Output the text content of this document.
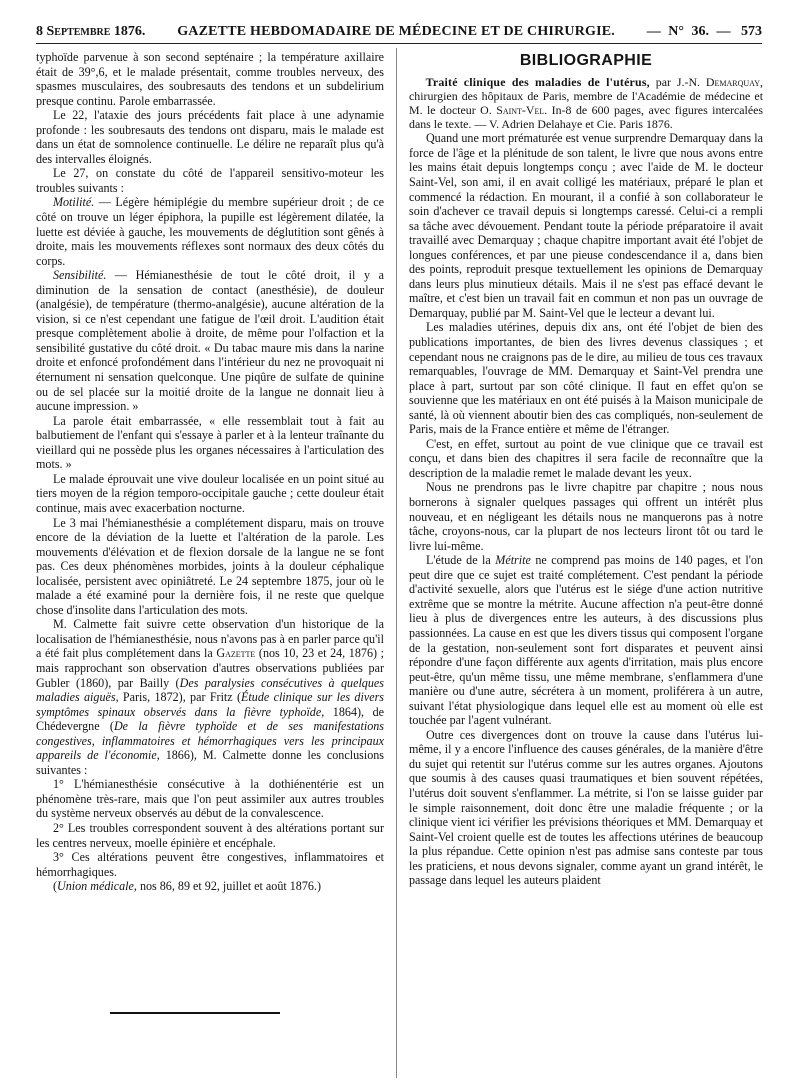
8 Septembre 1876. GAZETTE HEBDOMADAIRE DE MÉDECINE ET DE CHIRURGIE. — N° 36. — 573

typhoïde parvenue à son second septénaire ; la température axillaire était de 39°,6, et le malade présentait, comme troubles nerveux, des spasmes musculaires, des soubresauts des tendons et un subdelirium presque continu. Parole embarrassée.

Le 22, l'ataxie des jours précédents fait place à une adynamie profonde : les soubresauts des tendons ont disparu, mais le malade est dans un état de somnolence continuelle. Le délire ne reparaît plus qu'à des intervalles éloignés.

Le 27, on constate du côté de l'appareil sensitivo-moteur les troubles suivants :

Motilité. — Légère hémiplégie du membre supérieur droit ; de ce côté on trouve un léger épiphora, la pupille est légèrement dilatée, la luette est déviée à gauche, les mouvements de déglutition sont gênés à droite, mais les mouvements réflexes sont normaux des deux côtés du corps.

Sensibilité. — Hémianesthésie de tout le côté droit, il y a diminution de la sensation de contact (anesthésie), de douleur (analgésie), de température (thermo-analgésie), aucune altération de la vision, si ce n'est cependant une fatigue de l'œil droit. L'audition était presque complètement abolie à droite, de même pour l'olfaction et la sensibilité gustative du côté droit. « Du tabac maure mis dans la narine droite et enfoncé profondément dans l'intérieur du nez ne provoquait ni éternument ni sensation quelconque. Une piqûre de sulfate de quinine ou de sel placée sur la moitié droite de la langue ne donnait lieu à aucune impression. »

La parole était embarrassée, « elle ressemblait tout à fait au balbutiement de l'enfant qui s'essaye à parler et à la lenteur traînante du vieillard qui ne possède plus les organes nécessaires à l'articulation des mots. »

Le malade éprouvait une vive douleur localisée en un point situé au tiers moyen de la région temporo-occipitale gauche ; cette douleur était continue, mais avec exacerbation nocturne.

Le 3 mai l'hémianesthésie a complétement disparu, mais on trouve encore de la déviation de la luette et l'altération de la parole. Les mouvements d'élévation et de flexion dorsale de la langue ne se font pas. Ces deux phénomènes morbides, joints à la douleur céphalique localisée, persistent avec opiniâtreté. Le 24 septembre 1875, jour où le malade a été examiné pour la dernière fois, il ne reste que quelque chose d'insolite dans l'articulation des mots.

M. Calmette fait suivre cette observation d'un historique de la localisation de l'hémianesthésie, nous n'avons pas à en parler parce qu'il a été fait plus complétement dans la Gazette (nos 10, 23 et 24, 1876) ; mais rapprochant son observation d'autres observations publiées par Gubler (1860), par Bailly (Des paralysies consécutives à quelques maladies aiguës, Paris, 1872), par Fritz (Étude clinique sur les divers symptômes spinaux observés dans la fièvre typhoïde, 1864), de Chédevergne (De la fièvre typhoïde et de ses manifestations congestives, inflammatoires et hémorrhagiques vers les principaux appareils de l'économie, 1866), M. Calmette donne les conclusions suivantes :

1° L'hémianesthésie consécutive à la dothiénentérie est un phénomène très-rare, mais que l'on peut assimiler aux autres troubles du système nerveux observés au début de la convalescence.

2° Les troubles correspondent souvent à des altérations portant sur les centres nerveux, moelle épinière et encéphale.

3° Ces altérations peuvent être congestives, inflammatoires et hémorrhagiques.

(Union médicale, nos 86, 89 et 92, juillet et août 1876.)

BIBLIOGRAPHIE

Traité clinique des maladies de l'utérus, par J.-N. Demarquay, chirurgien des hôpitaux de Paris, membre de l'Académie de médecine et M. le docteur O. Saint-Vel. In-8 de 600 pages, avec figures intercalées dans le texte. — V. Adrien Delahaye et Cie. Paris 1876.

Quand une mort prématurée est venue surprendre Demarquay dans la force de l'âge et la plénitude de son talent, le livre que nous avons entre les mains était depuis longtemps conçu ; avec l'aide de M. le docteur Saint-Vel, son ami, il en avait colligé les matériaux, préparé le plan et commencé la rédaction. En mourant, il a confié à son collaborateur le soin d'achever ce travail depuis si longtemps caressé. Celui-ci a rempli sa tâche avec dévouement. Pendant toute la période préparatoire il avait travaillé avec Demarquay ; chaque chapitre important avait été l'objet de longues conférences, et par une pieuse condescendance il a, dans bien des points, reproduit presque textuellement les opinions de Demarquay dans leurs plus minutieux détails. Mais il ne s'est pas effacé devant le maître, et c'est bien un travail fait en commun et non pas un ouvrage de Demarquay, publié par M. Saint-Vel que le lecteur a devant lui.

Les maladies utérines, depuis dix ans, ont été l'objet de bien des publications importantes, de bien des livres devenus classiques ; et cependant nous ne craignons pas de le dire, au milieu de tous ces travaux remarquables, l'ouvrage de MM. Demarquay et Saint-Vel prendra une place à part, surtout par son côté clinique. Il faut en effet qu'on se souvienne que les matériaux en ont été puisés à la Maison municipale de santé, là où viennent aboutir bien des cas compliqués, non-seulement de Paris, mais de la France entière et même de l'étranger.

C'est, en effet, surtout au point de vue clinique que ce travail est conçu, et dans bien des chapitres il sera facile de reconnaître que la description de la maladie remet le malade devant les yeux.

Nous ne prendrons pas le livre chapitre par chapitre ; nous nous bornerons à signaler quelques passages qui offrent un intérêt plus nouveau, et en négligeant les détails nous ne manquerons pas à notre tâche, croyons-nous, car la plupart de nos lecteurs liront tôt ou tard le livre lui-même.

L'étude de la Métrite ne comprend pas moins de 140 pages, et l'on peut dire que ce sujet est traité complétement. C'est pendant la période d'activité sexuelle, alors que l'utérus est le siége d'une action nutritive extrême que se montre la métrite. Aucune affection n'a peut-être donné lieu à plus de divergences entre les auteurs, à des discussions plus passionnées. La cause en est que les divers tissus qui composent l'organe de la gestation, non-seulement sont fort disparates et peuvent ainsi répondre d'une façon différente aux agents d'irritation, mais plus encore peut-être, qu'un même tissu, une même membrane, s'enflammera d'une manière ou d'une autre, sécrétera à un moment, proliférera à un autre, suivant l'état physiologique dans lequel elle est au moment où elle est touchée par l'agent vulnérant.

Outre ces divergences dont on trouve la cause dans l'utérus lui-même, il y a encore l'influence des causes générales, de la manière d'être du sujet qui retentit sur l'utérus comme sur les autres organes. Ajoutons que soumis à des causes quasi traumatiques et bien souvent répétées, l'utérus doit souvent s'enflammer. La métrite, si l'on se laisse guider par le simple raisonnement, doit donc être une maladie fréquente ; or la clinique vient ici vérifier les prévisions théoriques et MM. Demarquay et Saint-Vel croient quelle est de toutes les affections utérines de beaucoup la plus répandue. Cette opinion n'est pas admise sans conteste par tous les praticiens, et nous devons signaler, comme ayant un grand intérêt, le passage dans lequel les auteurs plaident
